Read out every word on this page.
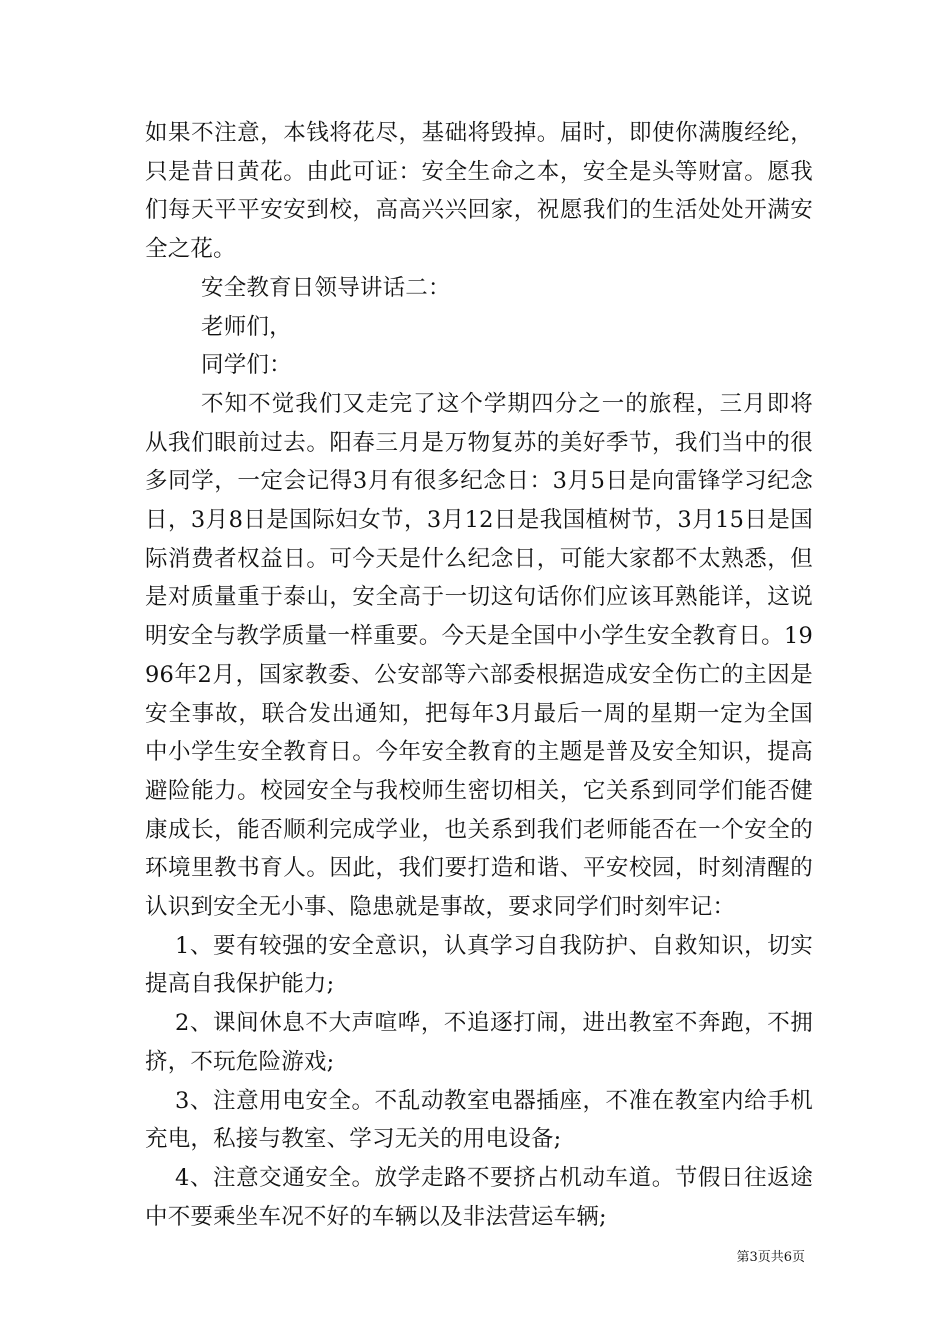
如果不注意，本钱将花尽，基础将毁掉。届时，即使你满腹经纶，只是昔日黄花。由此可证：安全生命之本，安全是头等财富。愿我们每天平平安安到校，高高兴兴回家，祝愿我们的生活处处开满安全之花。

安全教育日领导讲话二：

老师们，

同学们：

不知不觉我们又走完了这个学期四分之一的旅程，三月即将从我们眼前过去。阳春三月是万物复苏的美好季节，我们当中的很多同学，一定会记得3月有很多纪念日：3月5日是向雷锋学习纪念日，3月8日是国际妇女节，3月12日是我国植树节，3月15日是国际消费者权益日。可今天是什么纪念日，可能大家都不太熟悉，但是对质量重于泰山，安全高于一切这句话你们应该耳熟能详，这说明安全与教学质量一样重要。今天是全国中小学生安全教育日。1996年2月，国家教委、公安部等六部委根据造成安全伤亡的主因是安全事故，联合发出通知，把每年3月最后一周的星期一定为全国中小学生安全教育日。今年安全教育的主题是普及安全知识，提高避险能力。校园安全与我校师生密切相关，它关系到同学们能否健康成长，能否顺利完成学业，也关系到我们老师能否在一个安全的环境里教书育人。因此，我们要打造和谐、平安校园，时刻清醒的认识到安全无小事、隐患就是事故，要求同学们时刻牢记：

1、要有较强的安全意识，认真学习自我防护、自救知识，切实提高自我保护能力;

2、课间休息不大声喧哗，不追逐打闹，进出教室不奔跑，不拥挤，不玩危险游戏;

3、注意用电安全。不乱动教室电器插座，不准在教室内给手机充电，私接与教室、学习无关的用电设备;

4、注意交通安全。放学走路不要挤占机动车道。节假日往返途中不要乘坐车况不好的车辆以及非法营运车辆;

第3页共6页
